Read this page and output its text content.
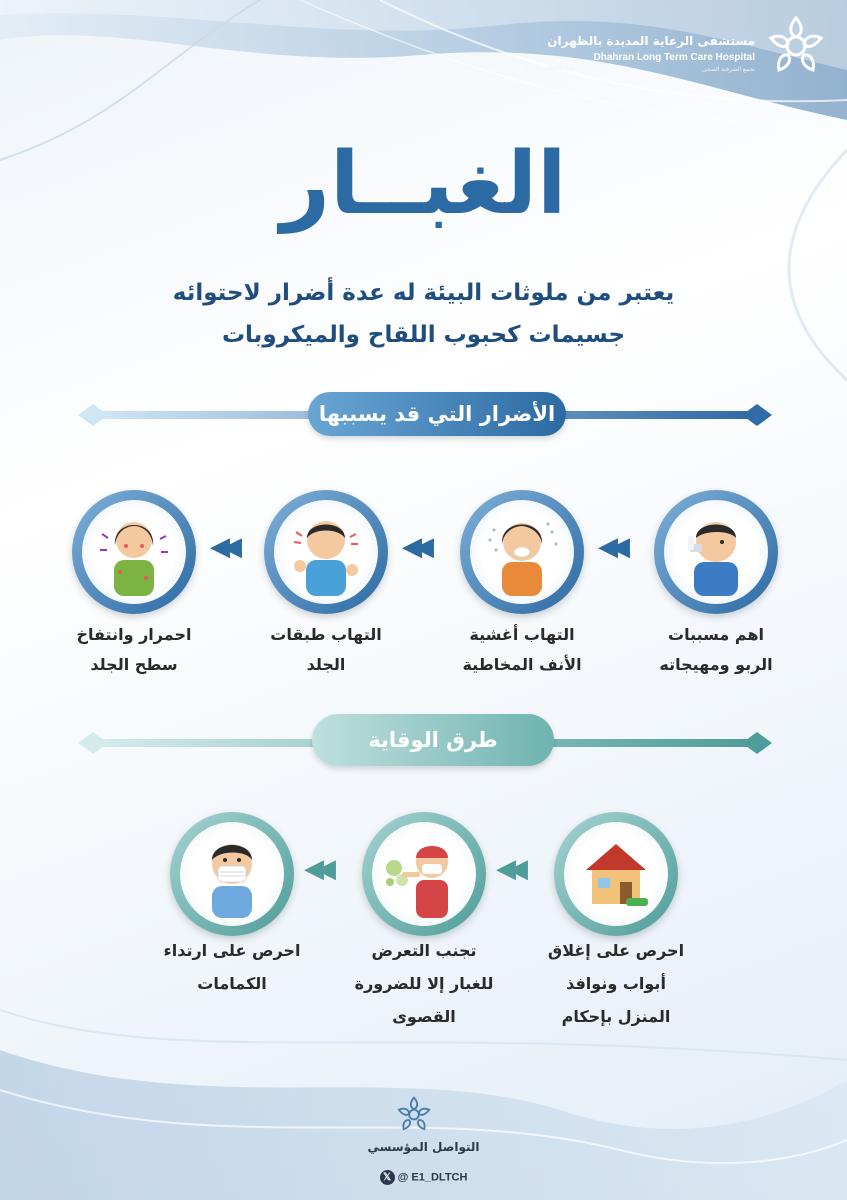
مستشفى الرعاية المديدة بالظهران
Dhahran Long Term Care Hospital
Eastern Health Cluster	تجمع الشرقية الصحي
الغبــار
يعتبر من ملوثات البيئة له عدة أضرار لاحتوائه
جسيمات كحبوب اللقاح والميكروبات
الأضرار التي قد يسببها
◀◀
◀◀
◀◀
اهم مسببات
الربو ومهيجاته
التهاب أغشية
الأنف المخاطية
التهاب طبقات
الجلد
احمرار وانتفاخ
سطح الجلد
طرق الوقاية
◀◀
◀◀
احرص على إغلاق
أبواب ونوافذ
المنزل بإحكام
تجنب التعرض
للغبار إلا للضرورة
القصوى
احرص على ارتداء
الكمامات
التواصل المؤسسي
𝕏 @ E1_DLTCH
